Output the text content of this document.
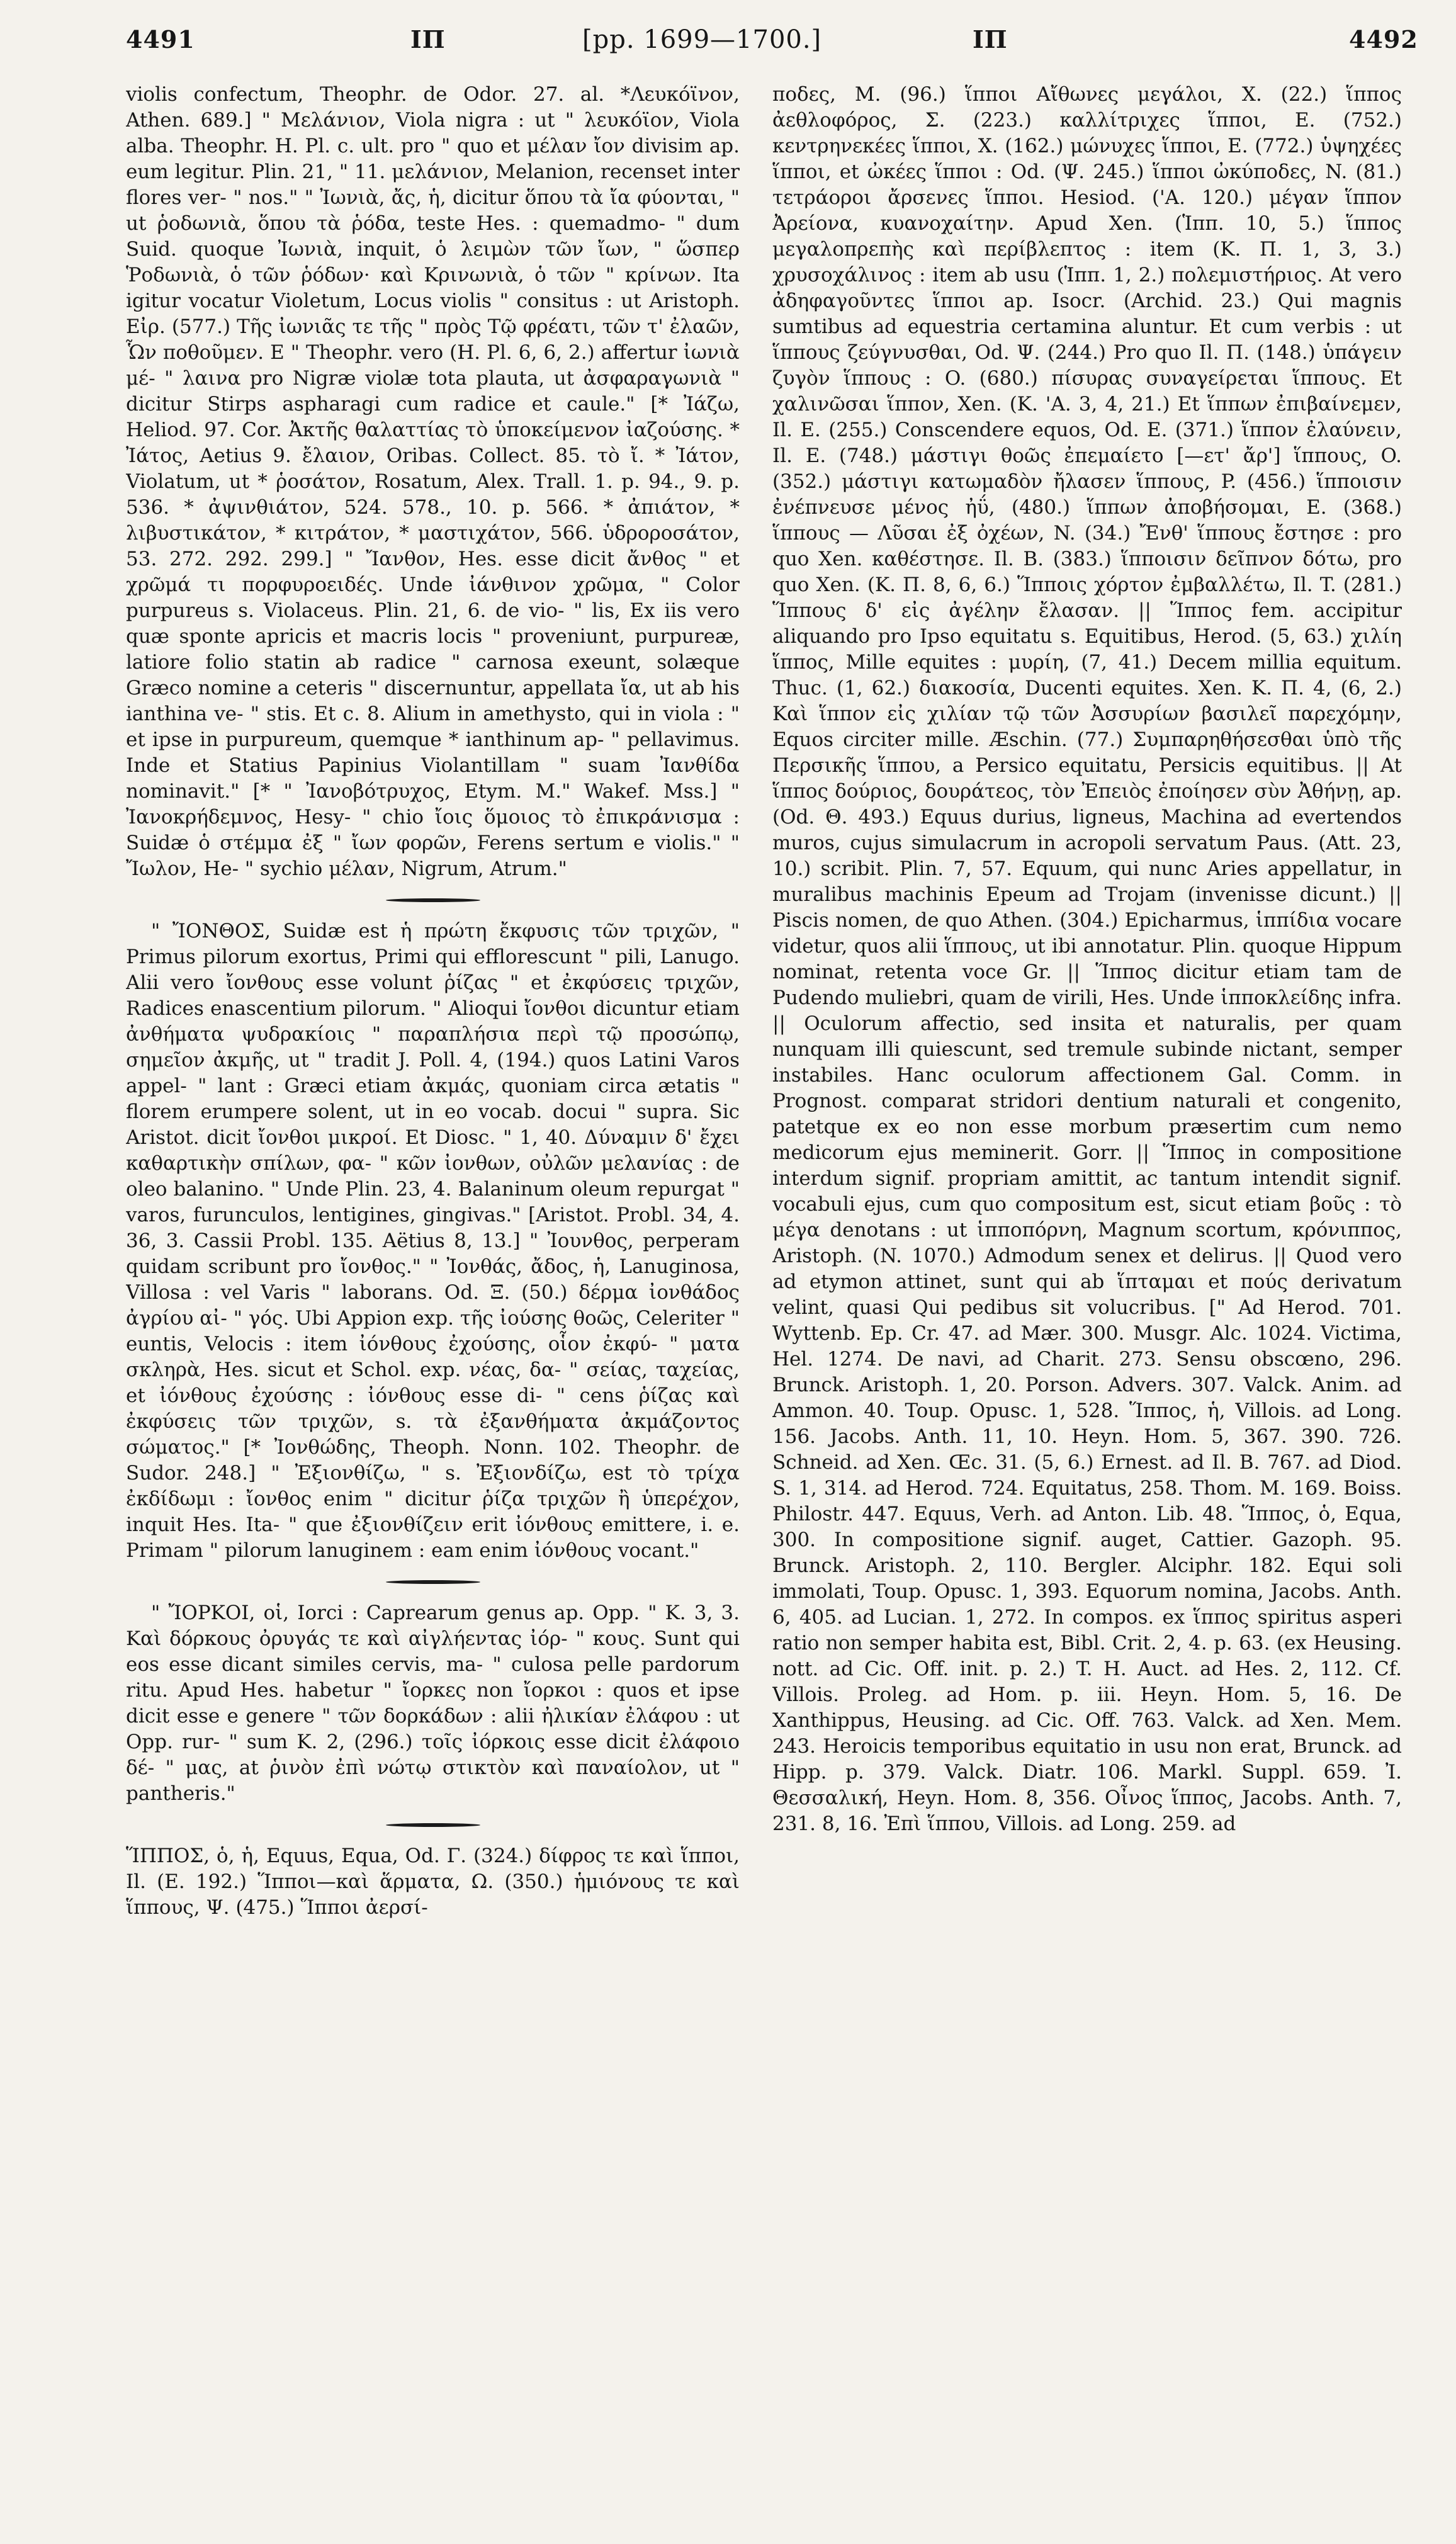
4491	ΙΠ	[pp. 1699—1700.]	ΙΠ	4492

violis confectum, Theophr. de Odor. 27. al. *Λευκόϊνον, Athen. 689.] " Μελάνιον, Viola nigra : ut " λευκόϊον, Viola alba. Theophr. H. Pl. c. ult. pro " quo et μέλαν ἴον divisim ap. eum legitur. Plin. 21, " 11. μελάνιον, Melanion, recenset inter flores ver- " nos." " Ἰωνιὰ, ἄς, ἡ, dicitur ὅπου τὰ ἴα φύονται, " ut ῥοδωνιὰ, ὅπου τὰ ῥόδα, teste Hes. : quemadmo- " dum Suid. quoque Ἰωνιὰ, inquit, ὁ λειμὼν τῶν ἴων, " ὥσπερ Ῥοδωνιὰ, ὁ τῶν ῥόδων· καὶ Κρινωνιὰ, ὁ τῶν " κρίνων. Ita igitur vocatur Violetum, Locus violis " consitus : ut Aristoph. Εἰρ. (577.) Τῆς ἰωνιᾶς τε τῆς " πρὸς Τῷ φρέατι, τῶν τ' ἐλαῶν, Ὧν ποθοῦμεν. E " Theophr. vero (H. Pl. 6, 6, 2.) affertur ἰωνιὰ μέ- " λαινα pro Nigræ violæ tota plauta, ut ἀσφαραγωνιὰ " dicitur Stirps aspharagi cum radice et caule." [* Ἰάζω, Heliod. 97. Cor. Ἀκτῆς θαλαττίας τὸ ὑποκείμενον ἰαζούσης. * Ἰάτος, Aetius 9. ἔλαιον, Oribas. Collect. 85. τὸ ἴ. * Ἰάτον, Violatum, ut * ῥοσάτον, Rosatum, Alex. Trall. 1. p. 94., 9. p. 536. * ἀψινθιάτον, 524. 578., 10. p. 566. * ἀπιάτον, * λιβυστικάτον, * κιτράτον, * μαστιχάτον, 566. ὑδροροσάτον, 53. 272. 292. 299.] " Ἴανθον, Hes. esse dicit ἄνθος " et χρῶμά τι πορφυροειδές. Unde ἰάνθινον χρῶμα, " Color purpureus s. Violaceus. Plin. 21, 6. de vio- " lis, Ex iis vero quæ sponte apricis et macris locis " proveniunt, purpureæ, latiore folio statin ab radice " carnosa exeunt, solæque Græco nomine a ceteris " discernuntur, appellata ἴα, ut ab his ianthina ve- " stis. Et c. 8. Alium in amethysto, qui in viola : " et ipse in purpureum, quemque * ianthinum ap- " pellavimus. Inde et Statius Papinius Violantillam " suam Ἰανθίδα nominavit." [* " Ἰανοβότρυχος, Etym. M." Wakef. Mss.] " Ἰανοκρήδεμνος, Hesy- " chio ἴοις ὅμοιος τὸ ἐπικράνισμα : Suidæ ὁ στέμμα ἐξ " ἴων φορῶν, Ferens sertum e violis." " Ἴωλον, He- " sychio μέλαν, Nigrum, Atrum."

" ἼΟΝΘΟΣ, Suidæ est ἡ πρώτη ἔκφυσις τῶν τριχῶν, " Primus pilorum exortus, Primi qui efflorescunt " pili, Lanugo. Alii vero ἴονθους esse volunt ῥίζας " et ἐκφύσεις τριχῶν, Radices enascentium pilorum. " Alioqui ἴονθοι dicuntur etiam ἀνθήματα ψυδρακίοις " παραπλήσια περὶ τῷ προσώπῳ, σημεῖον ἀκμῆς, ut " tradit J. Poll. 4, (194.) quos Latini Varos appel- " lant : Græci etiam ἀκμάς, quoniam circa ætatis " florem erumpere solent, ut in eo vocab. docui " supra. Sic Aristot. dicit ἴονθοι μικροί. Et Diosc. " 1, 40. Δύναμιν δ' ἔχει καθαρτικὴν σπίλων, φα- " κῶν ἰονθων, οὐλῶν μελανίας : de oleo balanino. " Unde Plin. 23, 4. Balaninum oleum repurgat " varos, furunculos, lentigines, gingivas." [Aristot. Probl. 34, 4. 36, 3. Cassii Probl. 135. Aëtius 8, 13.] " Ἰουνθος, perperam quidam scribunt pro ἴονθος." " Ἰονθάς, ἄδος, ἡ, Lanuginosa, Villosa : vel Varis " laborans. Od. Ξ. (50.) δέρμα ἰονθάδος ἀγρίου αἰ- " γός. Ubi Appion exp. τῆς ἰούσης θοῶς, Celeriter " euntis, Velocis : item ἰόνθους ἐχούσης, οἷον ἐκφύ- " ματα σκληρὰ, Hes. sicut et Schol. exp. νέας, δα- " σείας, ταχείας, et ἰόνθους ἐχούσης : ἰόνθους esse di- " cens ῥίζας καὶ ἐκφύσεις τῶν τριχῶν, s. τὰ ἐξανθήματα ἀκμάζοντος σώματος." [* Ἰονθώδης, Theoph. Nonn. 102. Theophr. de Sudor. 248.] " Ἐξιονθίζω, " s. Ἐξιονδίζω, est τὸ τρίχα ἐκδίδωμι : ἴονθος enim " dicitur ῥίζα τριχῶν ἢ ὑπερέχον, inquit Hes. Ita- " que ἐξιονθίζειν erit ἰόνθους emittere, i. e. Primam " pilorum lanuginem : eam enim ἰόνθους vocant."

" ἼΟΡΚΟΙ, οἱ, Iorci : Caprearum genus ap. Opp. " K. 3, 3. Καὶ δόρκους ὀρυγάς τε καὶ αἰγλήεντας ἰόρ- " κους. Sunt qui eos esse dicant similes cervis, ma- " culosa pelle pardorum ritu. Apud Hes. habetur " ἴορκες non ἴορκοι : quos et ipse dicit esse e genere " τῶν δορκάδων : alii ἠλικίαν ἐλάφου : ut Opp. rur- " sum K. 2, (296.) τοῖς ἰόρκοις esse dicit ἐλάφοιο δέ- " μας, at ῥινὸν ἐπὶ νώτῳ στικτὸν καὶ παναίολον, ut " pantheris."

ἽΠΠΟΣ, ὁ, ἡ, Equus, Equa, Od. Γ. (324.) δίφρος τε καὶ ἵπποι, Il. (E. 192.) Ἵπποι—καὶ ἅρματα, Ω. (350.) ἡμιόνους τε καὶ ἵππους, Ψ. (475.) Ἵπποι ἀερσί-

ποδες, M. (96.) ἵπποι Αἴθωνες μεγάλοι, X. (22.) ἵππος ἀεθλοφόρος, Σ. (223.) καλλίτριχες ἵπποι, E. (752.) κεντρηνεκέες ἵπποι, X. (162.) μώνυχες ἵπποι, E. (772.) ὑψηχέες ἵπποι, et ὠκέες ἵπποι : Od. (Ψ. 245.) ἵπποι ὠκύποδες, N. (81.) τετράοροι ἄρσενες ἵπποι. Hesiod. ('A. 120.) μέγαν ἵππον Ἀρείονα, κυανοχαίτην. Apud Xen. (Ἱππ. 10, 5.) ἵππος μεγαλοπρεπὴς καὶ περίβλεπτος : item (K. Π. 1, 3, 3.) χρυσοχάλινος : item ab usu (Ἱππ. 1, 2.) πολεμιστήριος. At vero ἀδηφαγοῦντες ἵπποι ap. Isocr. (Archid. 23.) Qui magnis sumtibus ad equestria certamina aluntur. Et cum verbis : ut ἵππους ζεύγνυσθαι, Od. Ψ. (244.) Pro quo Il. Π. (148.) ὑπάγειν ζυγὸν ἵππους : O. (680.) πίσυρας συναγείρεται ἵππους. Et χαλινῶσαι ἵππον, Xen. (K. 'A. 3, 4, 21.) Et ἵππων ἐπιβαίνεμεν, Il. E. (255.) Conscendere equos, Od. E. (371.) ἵππον ἐλαύνειν, Il. E. (748.) μάστιγι θοῶς ἐπεμαίετο [—ετ' ἄρ'] ἵππους, O. (352.) μάστιγι κατωμαδὸν ἤλασεν ἵππους, P. (456.) ἵπποισιν ἐνέπνευσε μένος ἠΰ, (480.) ἵππων ἀποβήσομαι, E. (368.) ἵππους — Λῦσαι ἐξ ὀχέων, N. (34.) Ἔνθ' ἵππους ἔστησε : pro quo Xen. καθέστησε. Il. B. (383.) ἵπποισιν δεῖπνον δότω, pro quo Xen. (K. Π. 8, 6, 6.) Ἵπποις χόρτον ἐμβαλλέτω, Il. T. (281.) Ἵππους δ' εἰς ἀγέλην ἔλασαν. || Ἵππος fem. accipitur aliquando pro Ipso equitatu s. Equitibus, Herod. (5, 63.) χιλίη ἵππος, Mille equites : μυρίη, (7, 41.) Decem millia equitum. Thuc. (1, 62.) διακοσία, Ducenti equites. Xen. K. Π. 4, (6, 2.) Καὶ ἵππον εἰς χιλίαν τῷ τῶν Ἀσσυρίων βασιλεῖ παρεχόμην, Equos circiter mille. Æschin. (77.) Συμπαρηθήσεσθαι ὑπὸ τῆς Περσικῆς ἵππου, a Persico equitatu, Persicis equitibus. || At ἵππος δούριος, δουράτεος, τὸν Ἐπειὸς ἐποίησεν σὺν Ἀθήνῃ, ap. (Od. Θ. 493.) Equus durius, ligneus, Machina ad evertendos muros, cujus simulacrum in acropoli servatum Paus. (Att. 23, 10.) scribit. Plin. 7, 57. Equum, qui nunc Aries appellatur, in muralibus machinis Epeum ad Trojam (invenisse dicunt.) || Piscis nomen, de quo Athen. (304.) Epicharmus, ἱππίδια vocare videtur, quos alii ἵππους, ut ibi annotatur. Plin. quoque Hippum nominat, retenta voce Gr. || Ἵππος dicitur etiam tam de Pudendo muliebri, quam de virili, Hes. Unde ἱπποκλείδης infra. || Oculorum affectio, sed insita et naturalis, per quam nunquam illi quiescunt, sed tremule subinde nictant, semper instabiles. Hanc oculorum affectionem Gal. Comm. in Prognost. comparat stridori dentium naturali et congenito, patetque ex eo non esse morbum præsertim cum nemo medicorum ejus meminerit. Gorr. || Ἵππος in compositione interdum signif. propriam amittit, ac tantum intendit signif. vocabuli ejus, cum quo compositum est, sicut etiam βοῦς : τὸ μέγα denotans : ut ἱπποπόρνη, Magnum scortum, κρόνιππος, Aristoph. (N. 1070.) Admodum senex et delirus. || Quod vero ad etymon attinet, sunt qui ab ἵπταμαι et πούς derivatum velint, quasi Qui pedibus sit volucribus. [" Ad Herod. 701. Wyttenb. Ep. Cr. 47. ad Mær. 300. Musgr. Alc. 1024. Victima, Hel. 1274. De navi, ad Charit. 273. Sensu obscœno, 296. Brunck. Aristoph. 1, 20. Porson. Advers. 307. Valck. Anim. ad Ammon. 40. Toup. Opusc. 1, 528. Ἵππος, ἡ, Villois. ad Long. 156. Jacobs. Anth. 11, 10. Heyn. Hom. 5, 367. 390. 726. Schneid. ad Xen. Œc. 31. (5, 6.) Ernest. ad Il. B. 767. ad Diod. S. 1, 314. ad Herod. 724. Equitatus, 258. Thom. M. 169. Boiss. Philostr. 447. Equus, Verh. ad Anton. Lib. 48. Ἵππος, ὁ, Equa, 300. In compositione signif. auget, Cattier. Gazoph. 95. Brunck. Aristoph. 2, 110. Bergler. Alciphr. 182. Equi soli immolati, Toup. Opusc. 1, 393. Equorum nomina, Jacobs. Anth. 6, 405. ad Lucian. 1, 272. In compos. ex ἵππος spiritus asperi ratio non semper habita est, Bibl. Crit. 2, 4. p. 63. (ex Heusing. nott. ad Cic. Off. init. p. 2.) T. H. Auct. ad Hes. 2, 112. Cf. Villois. Proleg. ad Hom. p. iii. Heyn. Hom. 5, 16. De Xanthippus, Heusing. ad Cic. Off. 763. Valck. ad Xen. Mem. 243. Heroicis temporibus equitatio in usu non erat, Brunck. ad Hipp. p. 379. Valck. Diatr. 106. Markl. Suppl. 659. Ἰ. Θεσσαλική, Heyn. Hom. 8, 356. Οἶνος ἵππος, Jacobs. Anth. 7, 231. 8, 16. Ἐπὶ ἵππου, Villois. ad Long. 259. ad
